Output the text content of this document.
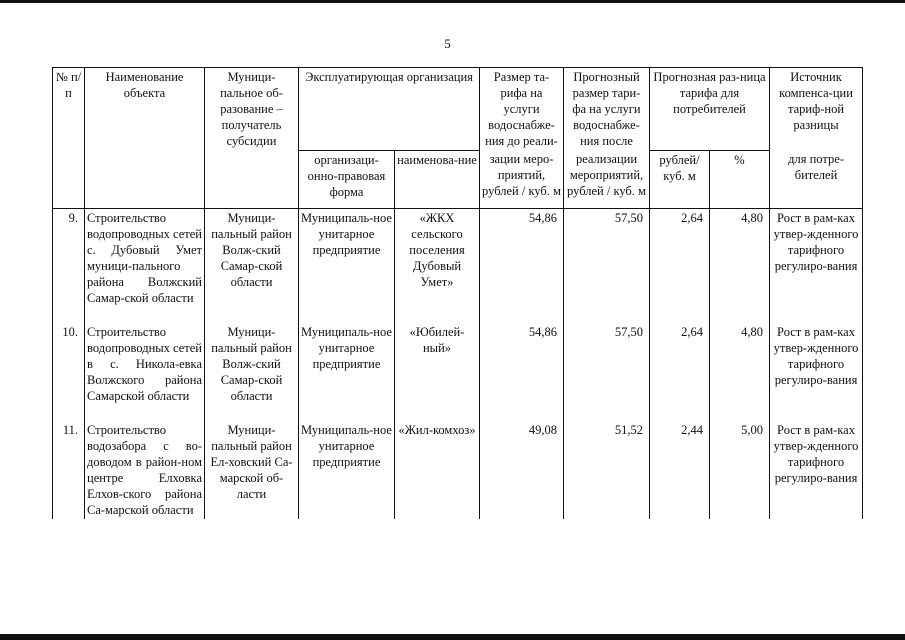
5
№ п/п	Наименование объекта	Муници-пальное об-разование – получатель субсидии	Эксплуатирующая организация		Размер та-рифа на услуги водоснабже-ния до реали-	Прогнозный размер тари-фа на услуги водоснабже-ния после	Прогнозная раз-ница тарифа для потребителей		Источник компенса-ции тариф-ной разницы
			организаци-онно-правовая форма	наименова-ние	зации меро-приятий, рублей / куб. м	реализации мероприятий, рублей / куб. м	рублей/ куб. м	%	для потре-бителей
9.	Строительство водопроводных сетей с. Дубовый Умет муници-пального района Волжский Самар-ской области	Муници-пальный район Волж-ский Самар-ской области	Муниципаль-ное унитарное предприятие	«ЖКХ сельского поселения Дубовый Умет»	54,86	57,50	2,64	4,80	Рост в рам-ках утвер-жденного тарифного регулиро-вания

10.	Строительство водопроводных сетей в с. Никола-евка Волжского района Самарской области	Муници-пальный район Волж-ский Самар-ской области	Муниципаль-ное унитарное предприятие	«Юбилей-ный»	54,86	57,50	2,64	4,80	Рост в рам-ках утвер-жденного тарифного регулиро-вания

11.	Строительство водозабора с во-доводом в район-ном центре Елховка Елхов-ского района Са-марской области	Муници-пальный район Ел-ховский Са-марской об-ласти	Муниципаль-ное унитарное предприятие	«Жил-комхоз»	49,08	51,52	2,44	5,00	Рост в рам-ках утвер-жденного тарифного регулиро-вания
